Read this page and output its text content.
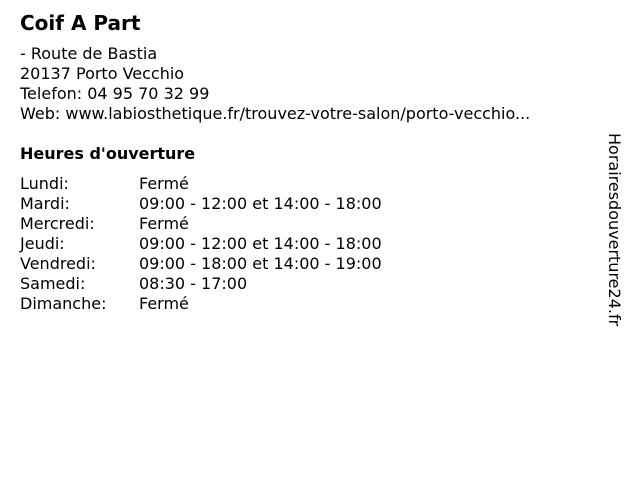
Coif A Part
- Route de Bastia
20137 Porto Vecchio
Telefon: 04 95 70 32 99
Web: www.labiosthetique.fr/trouvez-votre-salon/porto-vecchio...
Heures d'ouverture
Lundi:	Fermé
Mardi:	09:00 - 12:00 et 14:00 - 18:00
Mercredi:	Fermé
Jeudi:	09:00 - 12:00 et 14:00 - 18:00
Vendredi:	09:00 - 18:00 et 14:00 - 19:00
Samedi:	08:30 - 17:00
Dimanche: Fermé	Horairesdouverture24.fr
